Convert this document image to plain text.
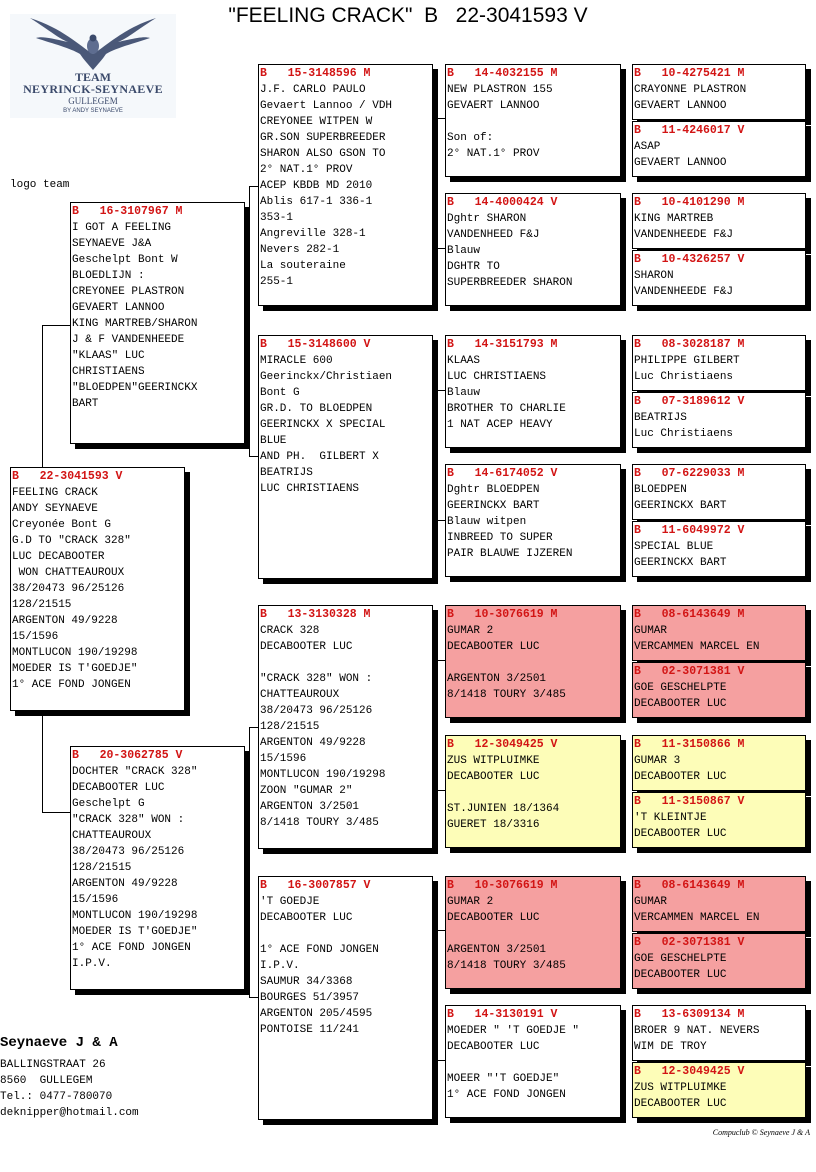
"FEELING CRACK"  B   22-3041593 V
TEAM
NEYRINCK-SEYNAEVE
GULLEGEM
BY ANDY SEYNAEVE
logo team
B   22-3041593 V
FEELING CRACK
ANDY SEYNAEVE
Creyonée Bont G
G.D TO "CRACK 328"
LUC DECABOOTER
WON CHATTEAUROUX
38/20473 96/25126
128/21515
ARGENTON 49/9228
15/1596
MONTLUCON 190/19298
MOEDER IS T'GOEDJE"
1° ACE FOND JONGEN
B   16-3107967 M
I GOT A FEELING
SEYNAEVE J&A
Geschelpt Bont W
BLOEDLIJN :
CREYONEE PLASTRON
GEVAERT LANNOO
KING MARTREB/SHARON
J & F VANDENHEEDE
"KLAAS" LUC
CHRISTIAENS
"BLOEDPEN"GEERINCKX
BART
B   20-3062785 V
DOCHTER "CRACK 328"
DECABOOTER LUC
Geschelpt G
"CRACK 328" WON :
CHATTEAUROUX
38/20473 96/25126
128/21515
ARGENTON 49/9228
15/1596
MONTLUCON 190/19298
MOEDER IS T'GOEDJE"
1° ACE FOND JONGEN
I.P.V.
B   15-3148596 M
J.F. CARLO PAULO
Gevaert Lannoo / VDH
CREYONEE WITPEN W
GR.SON SUPERBREEDER
SHARON ALSO GSON TO
2° NAT.1° PROV
ACEP KBDB MD 2010
Ablis 617-1 336-1
353-1
Angreville 328-1
Nevers 282-1
La souteraine
255-1
B   15-3148600 V
MIRACLE 600
Geerinckx/Christiaen
Bont G
GR.D. TO BLOEDPEN
GEERINCKX X SPECIAL
BLUE
AND PH.  GILBERT X
BEATRIJS
LUC CHRISTIAENS
B   13-3130328 M
CRACK 328
DECABOOTER LUC
"CRACK 328" WON :
CHATTEAUROUX
38/20473 96/25126
128/21515
ARGENTON 49/9228
15/1596
MONTLUCON 190/19298
ZOON "GUMAR 2"
ARGENTON 3/2501
8/1418 TOURY 3/485
B   16-3007857 V
'T GOEDJE
DECABOOTER LUC
1° ACE FOND JONGEN
I.P.V.
SAUMUR 34/3368
BOURGES 51/3957
ARGENTON 205/4595
PONTOISE 11/241
B   14-4032155 M
NEW PLASTRON 155
GEVAERT LANNOO
Son of:
2° NAT.1° PROV
B   14-4000424 V
Dghtr SHARON
VANDENHEED F&J
Blauw
DGHTR TO
SUPERBREEDER SHARON
B   14-3151793 M
KLAAS
LUC CHRISTIAENS
Blauw
BROTHER TO CHARLIE
1 NAT ACEP HEAVY
B   14-6174052 V
Dghtr BLOEDPEN
GEERINCKX BART
Blauw witpen
INBREED TO SUPER
PAIR BLAUWE IJZEREN
B   10-3076619 M
GUMAR 2
DECABOOTER LUC
ARGENTON 3/2501
8/1418 TOURY 3/485
B   12-3049425 V
ZUS WITPLUIMKE
DECABOOTER LUC
ST.JUNIEN 18/1364
GUERET 18/3316
B   10-3076619 M
GUMAR 2
DECABOOTER LUC
ARGENTON 3/2501
8/1418 TOURY 3/485
B   14-3130191 V
MOEDER " 'T GOEDJE "
DECABOOTER LUC
MOEER "'T GOEDJE"
1° ACE FOND JONGEN
B   10-4275421 M
CRAYONNE PLASTRON
GEVAERT LANNOO
B   11-4246017 V
ASAP
GEVAERT LANNOO
B   10-4101290 M
KING MARTREB
VANDENHEEDE F&J
B   10-4326257 V
SHARON
VANDENHEEDE F&J
B   08-3028187 M
PHILIPPE GILBERT
Luc Christiaens
B   07-3189612 V
BEATRIJS
Luc Christiaens
B   07-6229033 M
BLOEDPEN
GEERINCKX BART
B   11-6049972 V
SPECIAL BLUE
GEERINCKX BART
B   08-6143649 M
GUMAR
VERCAMMEN MARCEL EN
B   02-3071381 V
GOE GESCHELPTE
DECABOOTER LUC
B   11-3150866 M
GUMAR 3
DECABOOTER LUC
B   11-3150867 V
'T KLEINTJE
DECABOOTER LUC
B   08-6143649 M
GUMAR
VERCAMMEN MARCEL EN
B   02-3071381 V
GOE GESCHELPTE
DECABOOTER LUC
B   13-6309134 M
BROER 9 NAT. NEVERS
WIM DE TROY
B   12-3049425 V
ZUS WITPLUIMKE
DECABOOTER LUC
Seynaeve J & A
BALLINGSTRAAT 26
8560  GULLEGEM
Tel.: 0477-780070
deknipper@hotmail.com
Compuclub © Seynaeve J & A
